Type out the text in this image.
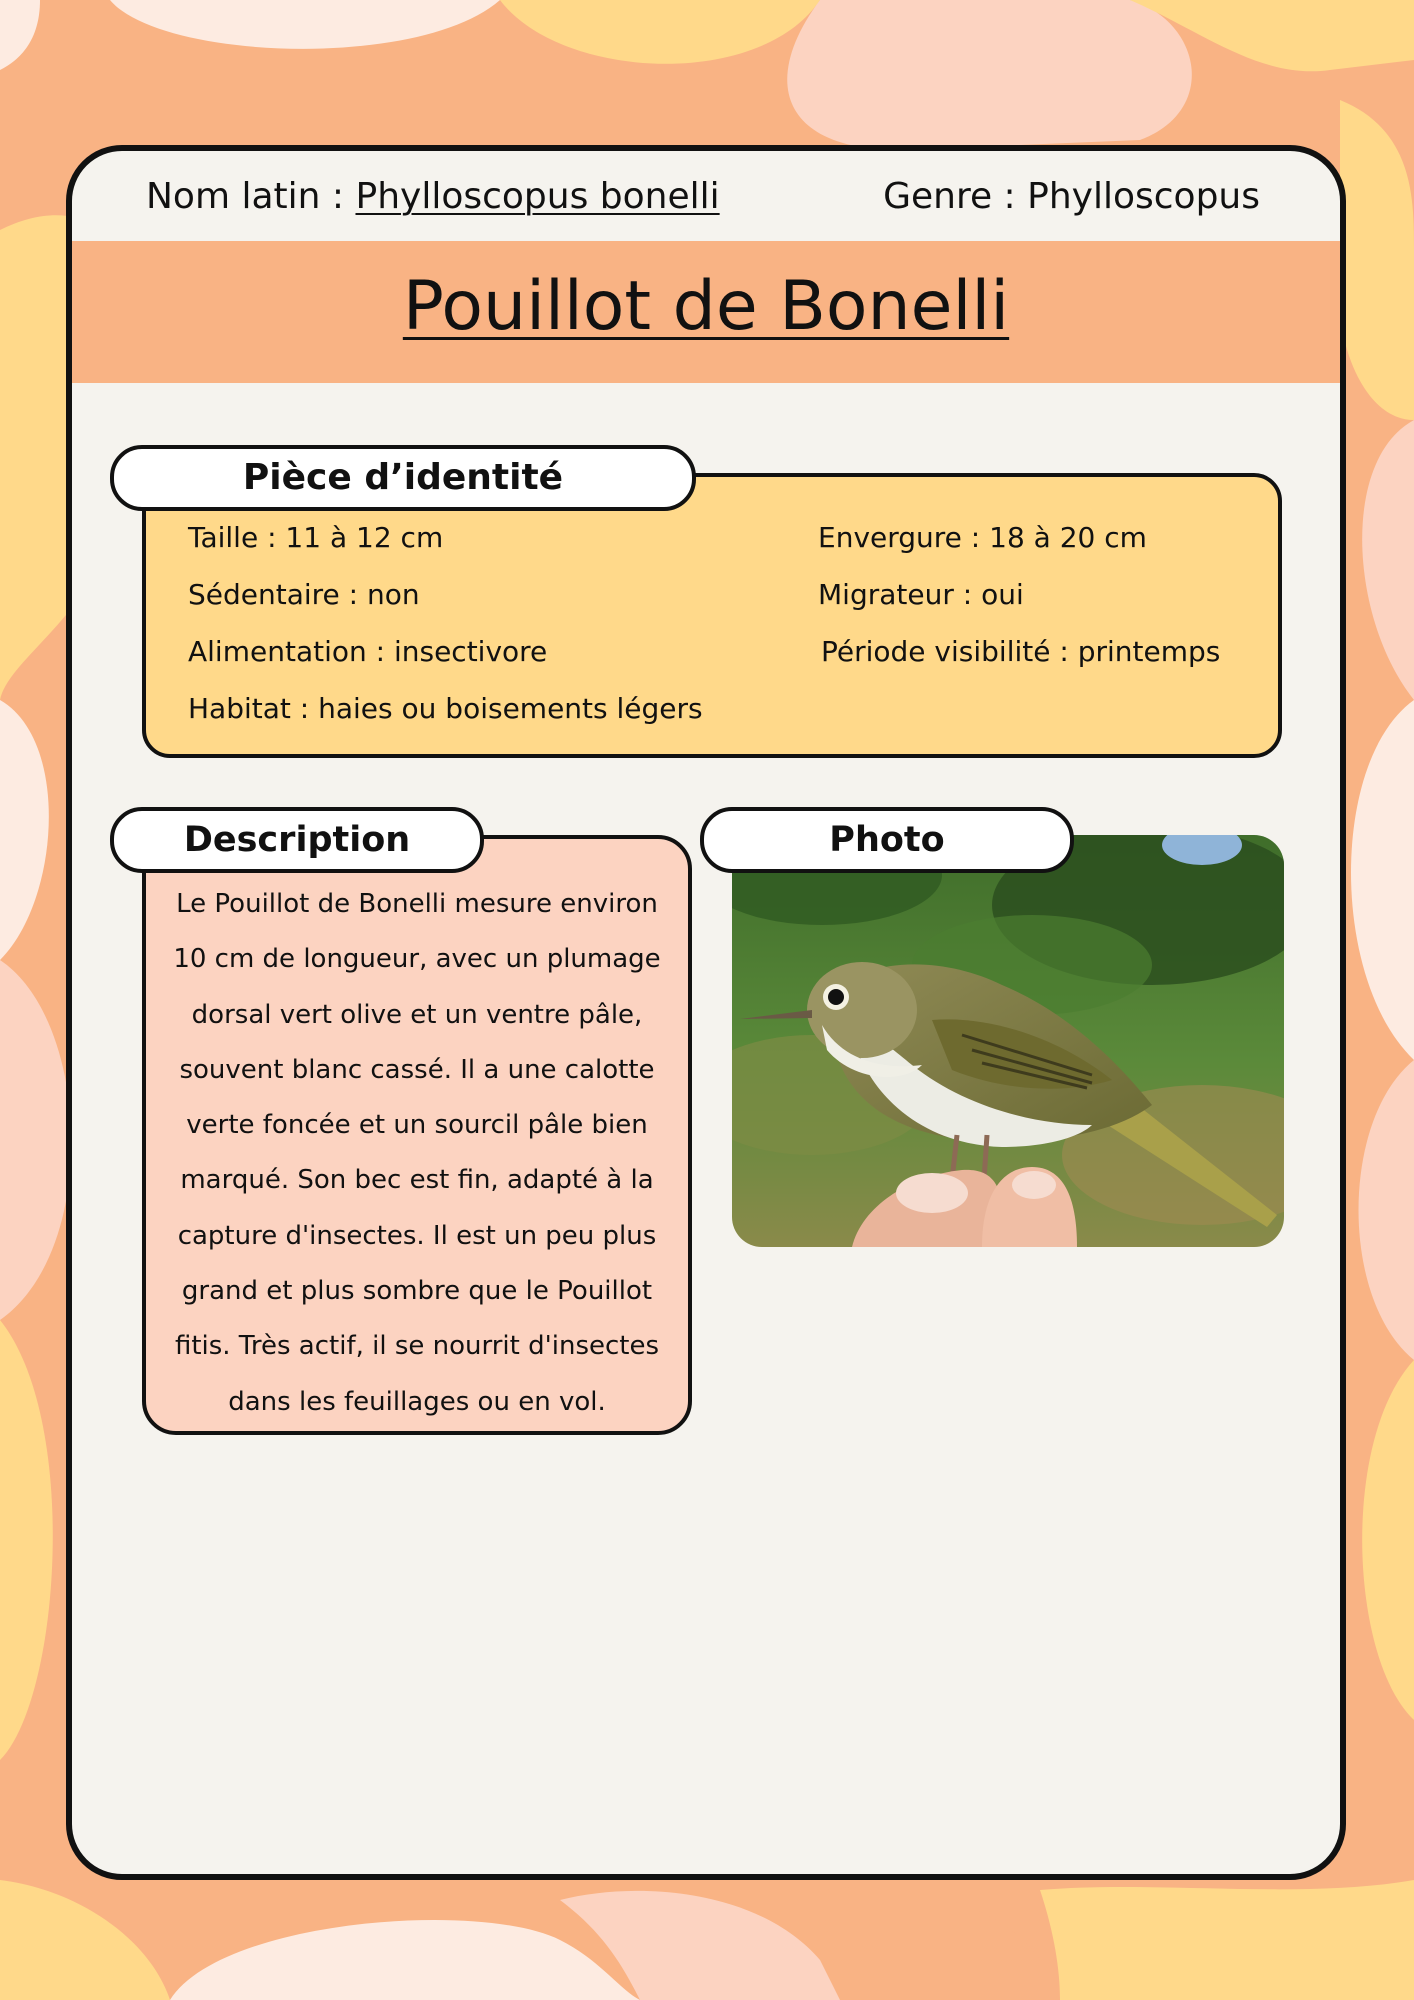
Nom latin : Phylloscopus bonelli	Genre : Phylloscopus
Pouillot de Bonelli
Taille : 11 à 12 cm	Envergure : 18 à 20 cm
Sédentaire : non	Migrateur : oui
Alimentation : insectivore	Période visibilité : printemps
Habitat : haies ou boisements légers
Pièce d’identité
Le Pouillot de Bonelli mesure environ 10 cm de longueur, avec un plumage dorsal vert olive et un ventre pâle, souvent blanc cassé. Il a une calotte verte foncée et un sourcil pâle bien marqué. Son bec est fin, adapté à la capture d'insectes. Il est un peu plus grand et plus sombre que le Pouillot fitis. Très actif, il se nourrit d'insectes dans les feuillages ou en vol.
Description	Photo
